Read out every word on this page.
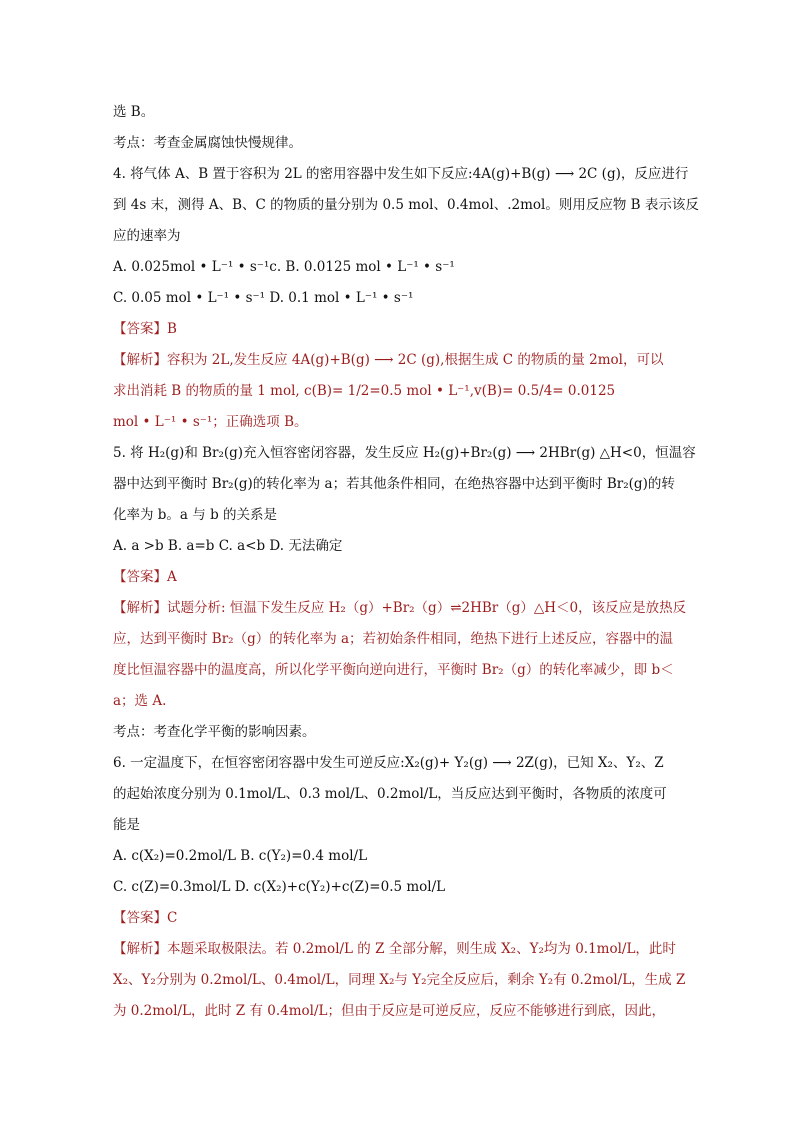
选 B。
考点：考查金属腐蚀快慢规律。
4. 将气体 A、B 置于容积为 2L 的密用容器中发生如下反应:4A(g)+B(g) ⟶ 2C (g)，反应进行
到 4s 末，测得 A、B、C 的物质的量分别为 0.5 mol、0.4mol、.2mol。则用反应物 B 表示该反
应的速率为
A. 0.025mol • L⁻¹ • s⁻¹c. B. 0.0125 mol • L⁻¹ • s⁻¹
C. 0.05 mol • L⁻¹ • s⁻¹ D. 0.1 mol • L⁻¹ • s⁻¹
【答案】B
【解析】容积为 2L,发生反应 4A(g)+B(g) ⟶ 2C (g),根据生成 C 的物质的量 2mol，可以
求出消耗 B 的物质的量 1 mol, c(B)= 1/2=0.5 mol • L⁻¹,v(B)= 0.5/4= 0.0125
mol • L⁻¹ • s⁻¹；正确选项 B。
5. 将 H₂(g)和 Br₂(g)充入恒容密闭容器，发生反应 H₂(g)+Br₂(g) ⟶ 2HBr(g) △H<0，恒温容
器中达到平衡时 Br₂(g)的转化率为 a；若其他条件相同，在绝热容器中达到平衡时 Br₂(g)的转
化率为 b。a 与 b 的关系是
A. a >b B. a=b C. a<b D. 无法确定
【答案】A
【解析】试题分析: 恒温下发生反应 H₂（g）+Br₂（g）⇌2HBr（g）△H＜0，该反应是放热反
应，达到平衡时 Br₂（g）的转化率为 a；若初始条件相同，绝热下进行上述反应，容器中的温
度比恒温容器中的温度高，所以化学平衡向逆向进行，平衡时 Br₂（g）的转化率减少，即 b＜
a；选 A.
考点：考查化学平衡的影响因素。
6. 一定温度下，在恒容密闭容器中发生可逆反应:X₂(g)+ Y₂(g) ⟶ 2Z(g)，已知 X₂、Y₂、Z
的起始浓度分别为 0.1mol/L、0.3 mol/L、0.2mol/L，当反应达到平衡时，各物质的浓度可
能是
A. c(X₂)=0.2mol/L B. c(Y₂)=0.4 mol/L
C. c(Z)=0.3mol/L D. c(X₂)+c(Y₂)+c(Z)=0.5 mol/L
【答案】C
【解析】本题采取极限法。若 0.2mol/L 的 Z 全部分解，则生成 X₂、Y₂均为 0.1mol/L，此时
X₂、Y₂分别为 0.2mol/L、0.4mol/L，同理 X₂与 Y₂完全反应后，剩余 Y₂有 0.2mol/L，生成 Z
为 0.2mol/L，此时 Z 有 0.4mol/L；但由于反应是可逆反应，反应不能够进行到底，因此，
